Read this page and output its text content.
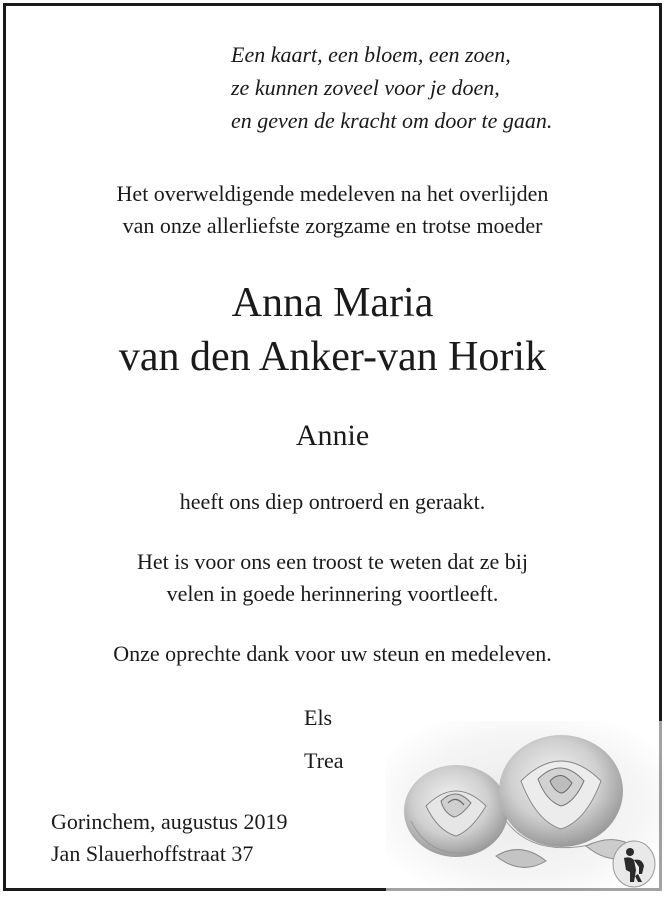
Een kaart, een bloem, een zoen,
ze kunnen zoveel voor je doen,
en geven de kracht om door te gaan.
Het overweldigende medeleven na het overlijden
van onze allerliefste zorgzame en trotse moeder
Anna Maria
van den Anker-van Horik
Annie
heeft ons diep ontroerd en geraakt.
Het is voor ons een troost te weten dat ze bij
velen in goede herinnering voortleeft.
Onze oprechte dank voor uw steun en medeleven.
Els
Trea
Gorinchem, augustus 2019
Jan Slauerhoffstraat 37
